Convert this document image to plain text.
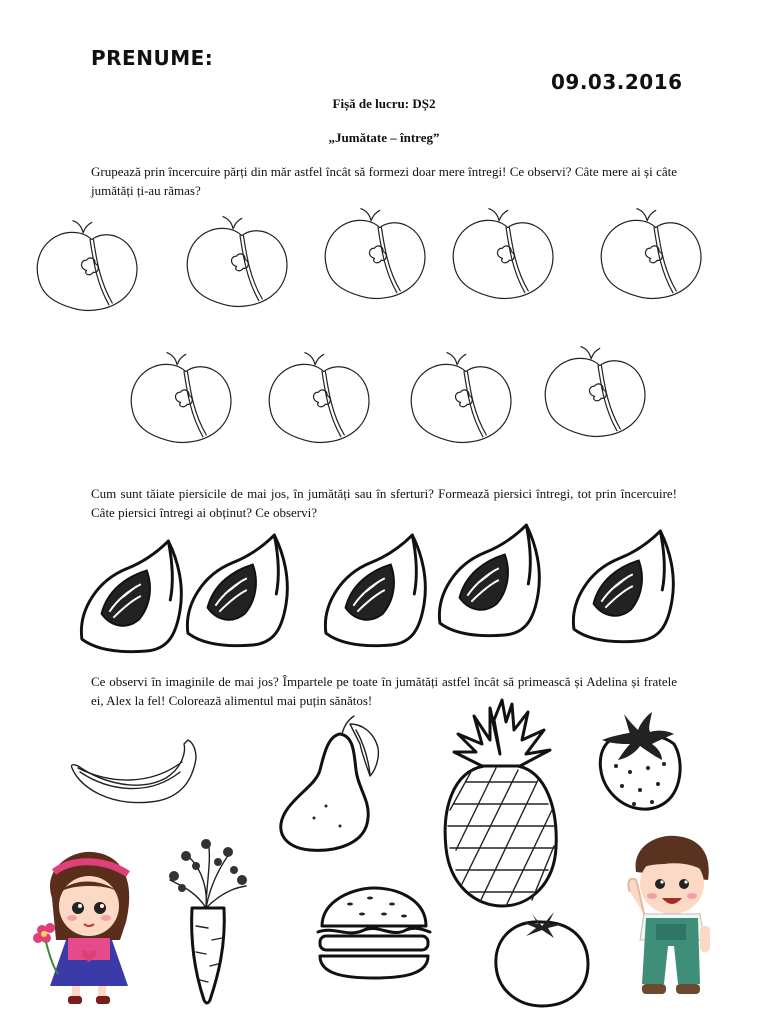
PRENUME:
09.03.2016
Fișă de lucru: DȘ2
„Jumătate – întreg”
Grupează prin încercuire părți din măr astfel încât să formezi doar mere întregi! Ce observi? Câte mere ai și câte jumătăți ți-au rămas?
Cum sunt tăiate piersicile de mai jos, în jumătăți sau în sferturi? Formează piersici întregi, tot prin încercuire! Câte piersici întregi ai obținut? Ce observi?
Ce observi în imaginile de mai jos? Împartele pe toate în jumătăți astfel încât să primească și Adelina și fratele ei, Alex la fel! Colorează alimentul mai puțin sănătos!
